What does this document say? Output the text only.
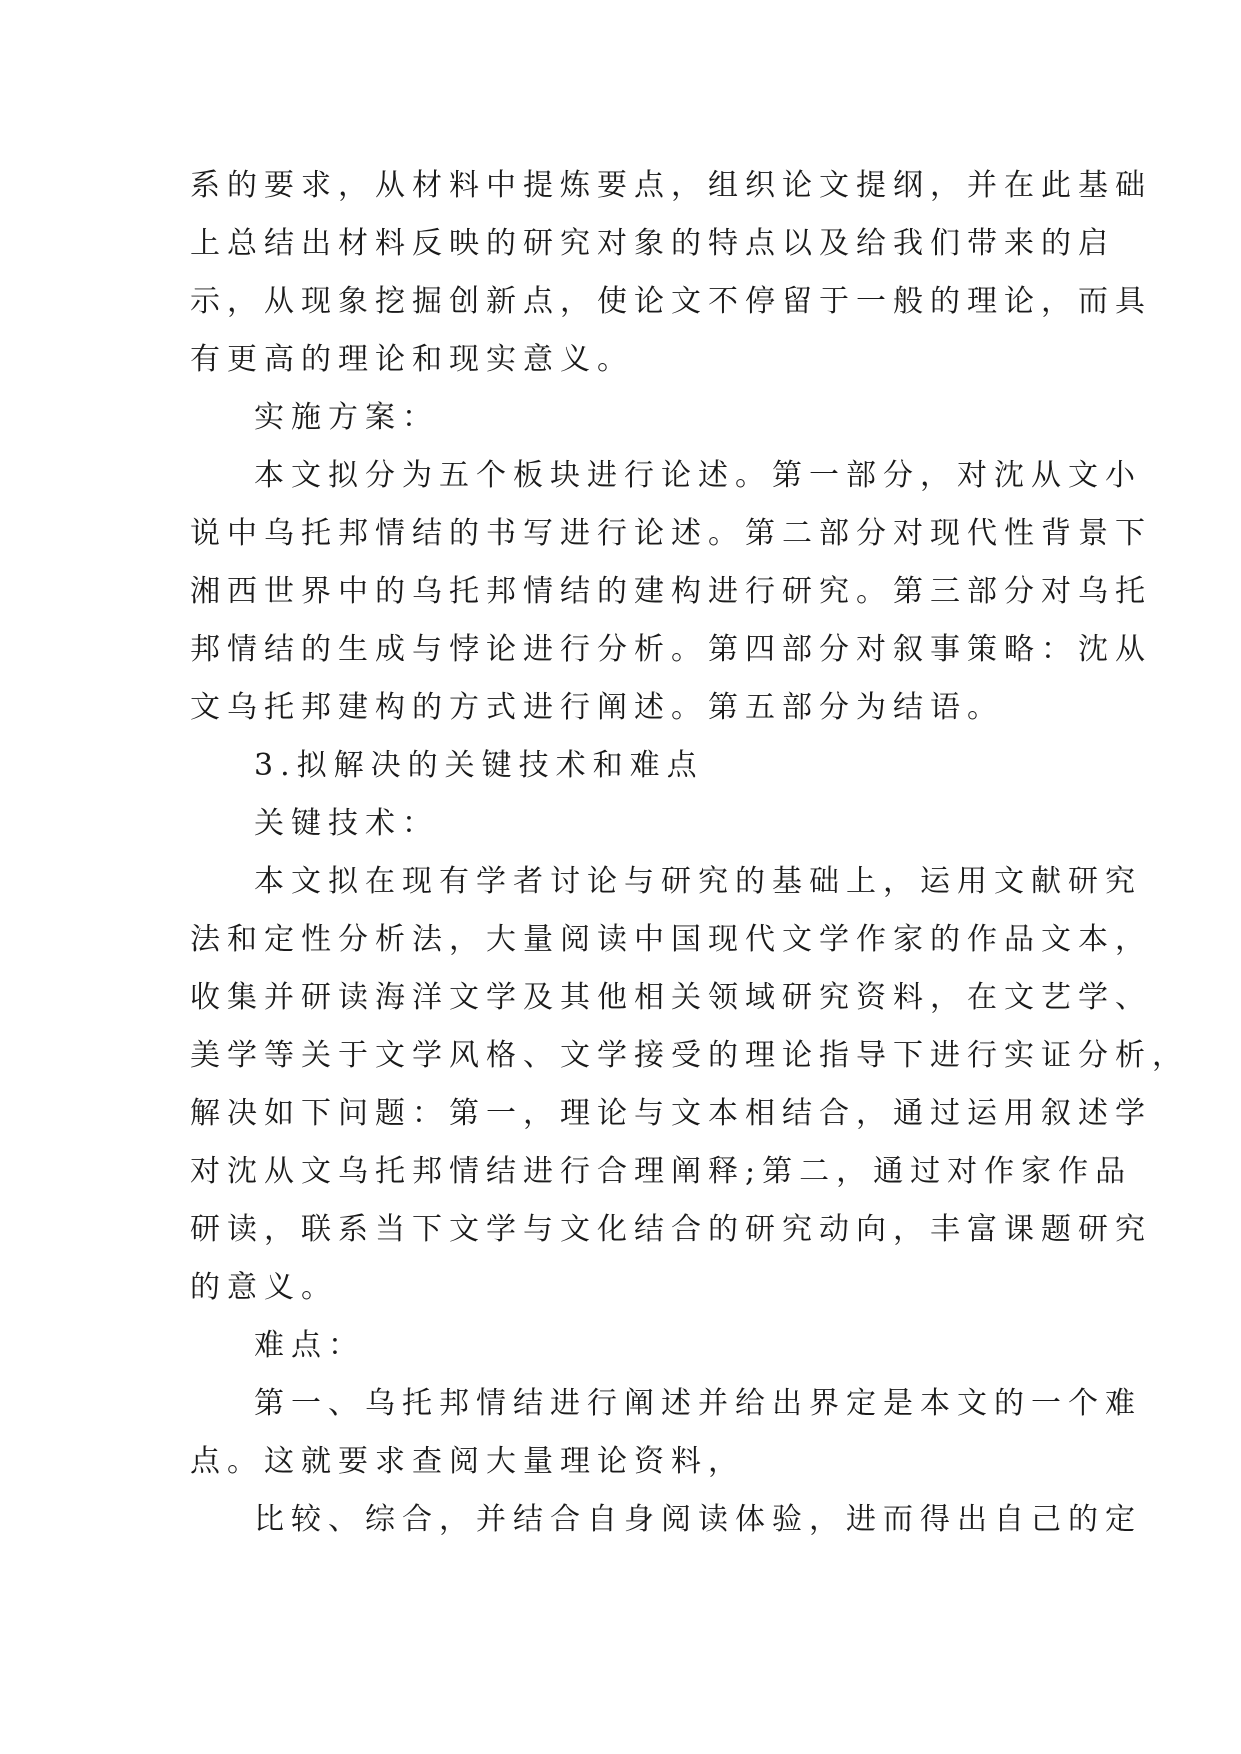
系的要求，从材料中提炼要点，组织论文提纲，并在此基础
上总结出材料反映的研究对象的特点以及给我们带来的启
示，从现象挖掘创新点，使论文不停留于一般的理论，而具
有更高的理论和现实意义。
实施方案：
本文拟分为五个板块进行论述。第一部分，对沈从文小
说中乌托邦情结的书写进行论述。第二部分对现代性背景下
湘西世界中的乌托邦情结的建构进行研究。第三部分对乌托
邦情结的生成与悖论进行分析。第四部分对叙事策略：沈从
文乌托邦建构的方式进行阐述。第五部分为结语。
3.拟解决的关键技术和难点
关键技术：
本文拟在现有学者讨论与研究的基础上，运用文献研究
法和定性分析法，大量阅读中国现代文学作家的作品文本，
收集并研读海洋文学及其他相关领域研究资料，在文艺学、
美学等关于文学风格、文学接受的理论指导下进行实证分析，
解决如下问题：第一，理论与文本相结合，通过运用叙述学
对沈从文乌托邦情结进行合理阐释;第二，通过对作家作品
研读，联系当下文学与文化结合的研究动向，丰富课题研究
的意义。
难点：
第一、乌托邦情结进行阐述并给出界定是本文的一个难
点。这就要求查阅大量理论资料，
比较、综合，并结合自身阅读体验，进而得出自己的定
